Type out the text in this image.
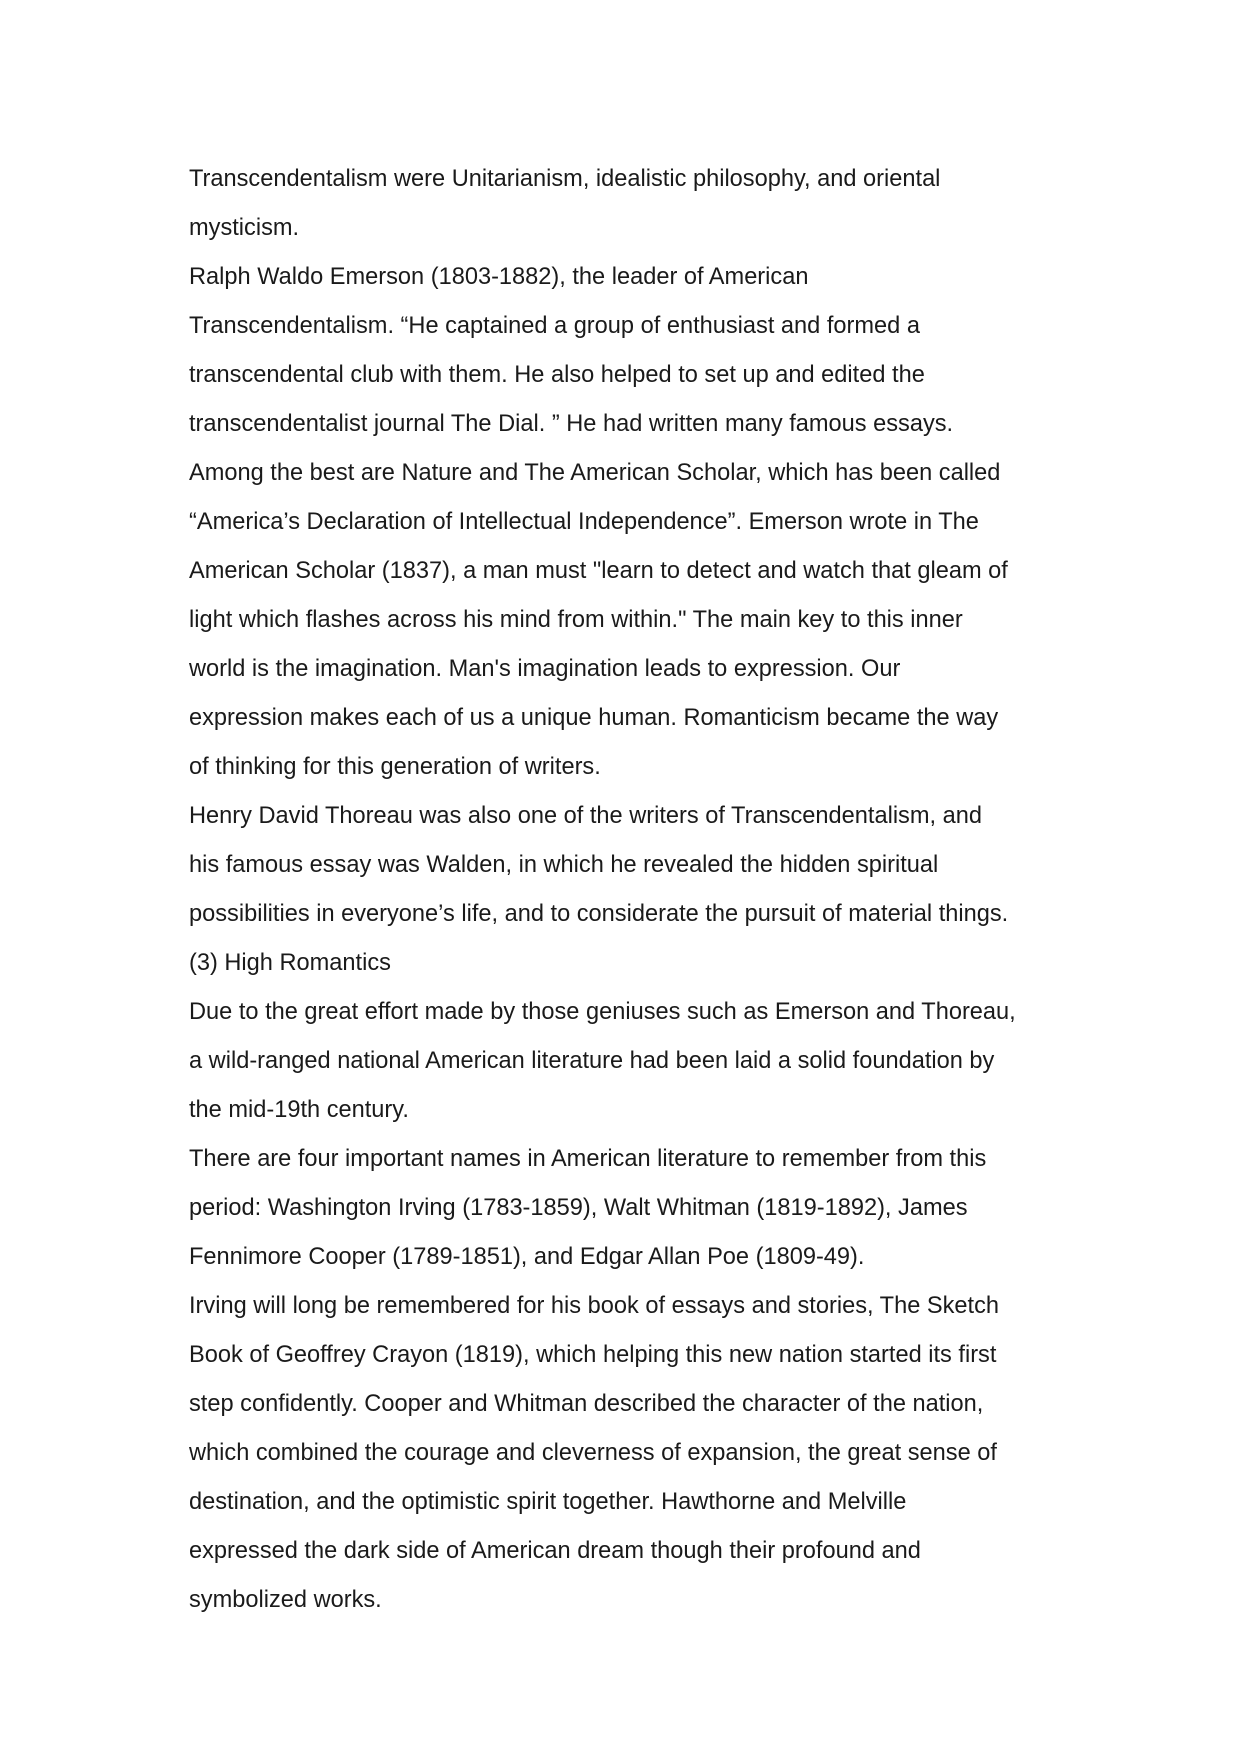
Transcendentalism were Unitarianism, idealistic philosophy, and oriental
mysticism.
Ralph Waldo Emerson (1803-1882), the leader of American
Transcendentalism. “He captained a group of enthusiast and formed a
transcendental club with them. He also helped to set up and edited the
transcendentalist journal The Dial. ” He had written many famous essays.
Among the best are Nature and The American Scholar, which has been called
“America’s Declaration of Intellectual Independence”. Emerson wrote in The
American Scholar (1837), a man must "learn to detect and watch that gleam of
light which flashes across his mind from within." The main key to this inner
world is the imagination. Man's imagination leads to expression. Our
expression makes each of us a unique human. Romanticism became the way
of thinking for this generation of writers.
Henry David Thoreau was also one of the writers of Transcendentalism, and
his famous essay was Walden, in which he revealed the hidden spiritual
possibilities in everyone’s life, and to considerate the pursuit of material things.
(3) High Romantics
Due to the great effort made by those geniuses such as Emerson and Thoreau,
a wild-ranged national American literature had been laid a solid foundation by
the mid-19th century.
There are four important names in American literature to remember from this
period: Washington Irving (1783-1859), Walt Whitman (1819-1892), James
Fennimore Cooper (1789-1851), and Edgar Allan Poe (1809-49).
Irving will long be remembered for his book of essays and stories, The Sketch
Book of Geoffrey Crayon (1819), which helping this new nation started its first
step confidently. Cooper and Whitman described the character of the nation,
which combined the courage and cleverness of expansion, the great sense of
destination, and the optimistic spirit together. Hawthorne and Melville
expressed the dark side of American dream though their profound and
symbolized works.
